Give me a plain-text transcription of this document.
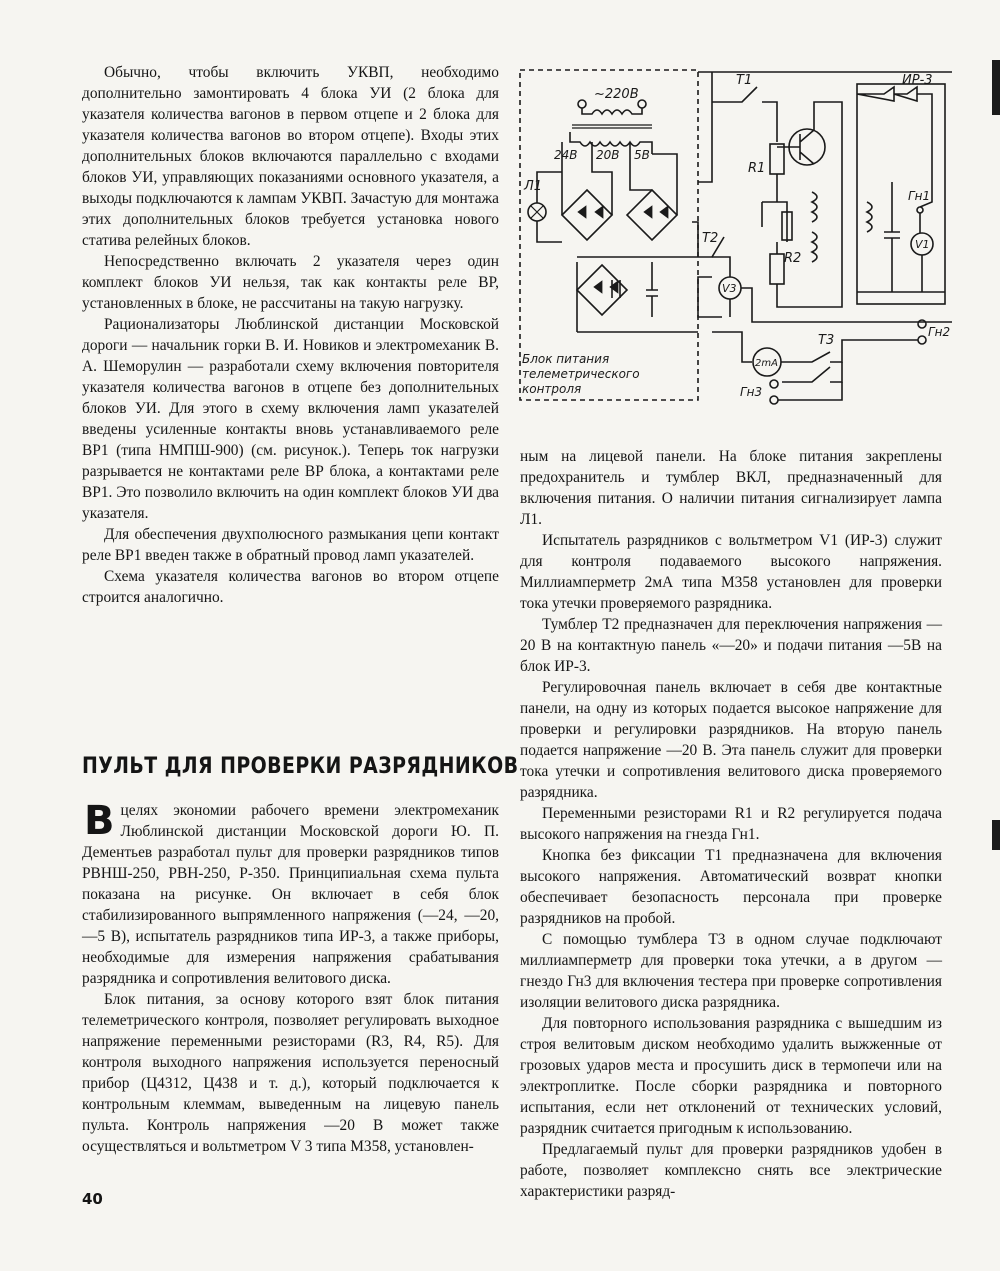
Обычно, чтобы включить УКВП, необходимо дополнительно замонтировать 4 блока УИ (2 блока для указателя количества вагонов в первом отцепе и 2 блока для указателя количества вагонов во втором отцепе). Входы этих дополнительных блоков включаются параллельно с входами блоков УИ, управляющих показаниями основного указателя, а выходы подключаются к лампам УКВП. Зачастую для монтажа этих дополнительных блоков требуется установка нового статива релейных блоков.

Непосредственно включать 2 указателя через один комплект блоков УИ нельзя, так как контакты реле ВР, установленных в блоке, не рассчитаны на такую нагрузку.

Рационализаторы Люблинской дистанции Московской дороги — начальник горки В. И. Новиков и электромеханик В. А. Шеморулин — разработали схему включения повторителя указателя количества вагонов в отцепе без дополнительных блоков УИ. Для этого в схему включения ламп указателей введены усиленные контакты вновь устанавливаемого реле ВР1 (типа НМПШ-900) (см. рисунок.). Теперь ток нагрузки разрывается не контактами реле ВР блока, а контактами реле ВР1. Это позволило включить на один комплект блоков УИ два указателя.

Для обеспечения двухполюсного размыкания цепи контакт реле ВР1 введен также в обратный провод ламп указателей.

Схема указателя количества вагонов во втором отцепе строится аналогично.

ПУЛЬТ ДЛЯ ПРОВЕРКИ РАЗРЯДНИКОВ

Вцелях экономии рабочего времени электромеханик Люблинской дистанции Московской дороги Ю. П. Дементьев разработал пульт для проверки разрядников типов РВНШ-250, РВН-250, Р-350. Принципиальная схема пульта показана на рисунке. Он включает в себя блок стабилизированного выпрямленного напряжения (—24, —20, —5 В), испытатель разрядников типа ИР-3, а также приборы, необходимые для измерения напряжения срабатывания разрядника и сопротивления велитового диска.

Блок питания, за основу которого взят блок питания телеметрического контроля, позволяет регулировать выходное напряжение переменными резисторами (R3, R4, R5). Для контроля выходного напряжения используется переносный прибор (Ц4312, Ц438 и т. д.), который подключается к контрольным клеммам, выведенным на лицевую панель пульта. Контроль напряжения —20 В может также осуществляться и вольтметром V 3 типа М358, установлен-

ным на лицевой панели. На блоке питания закреплены предохранитель и тумблер ВКЛ, предназначенный для включения питания. О наличии питания сигнализирует лампа Л1.

Испытатель разрядников с вольтметром V1 (ИР-3) служит для контроля подаваемого высокого напряжения. Миллиамперметр 2мА типа М358 установлен для проверки тока утечки проверяемого разрядника.

Тумблер Т2 предназначен для переключения напряжения —20 В на контактную панель «—20» и подачи питания —5В на блок ИР-3.

Регулировочная панель включает в себя две контактные панели, на одну из которых подается высокое напряжение для проверки и регулировки разрядников. На вторую панель подается напряжение —20 В. Эта панель служит для проверки тока утечки и сопротивления велитового диска проверяемого разрядника.

Переменными резисторами R1 и R2 регулируется подача высокого напряжения на гнезда Гн1.

Кнопка без фиксации Т1 предназначена для включения высокого напряжения. Автоматический возврат кнопки обеспечивает безопасность персонала при проверке разрядников на пробой.

С помощью тумблера Т3 в одном случае подключают миллиамперметр для проверки тока утечки, а в другом — гнездо Гн3 для включения тестера при проверке сопротивления изоляции велитового диска разрядника.

Для повторного использования разрядника с вышедшим из строя велитовым диском необходимо удалить выжженные от грозовых ударов места и просушить диск в термопечи или на электроплитке. После сборки разрядника и повторного испытания, если нет отклонений от технических условий, разрядник считается пригодным к использованию.

Предлагаемый пульт для проверки разрядников удобен в работе, позволяет комплексно снять все электрические характеристики разряд-

~220В
24В 20В 5В
Л1
Т1
Т2
Т3
R1
R2
V1
V3
2mA
ИР-3
Гн1
Гн2
Гн3
Блок питания телеметрического контроля
40
